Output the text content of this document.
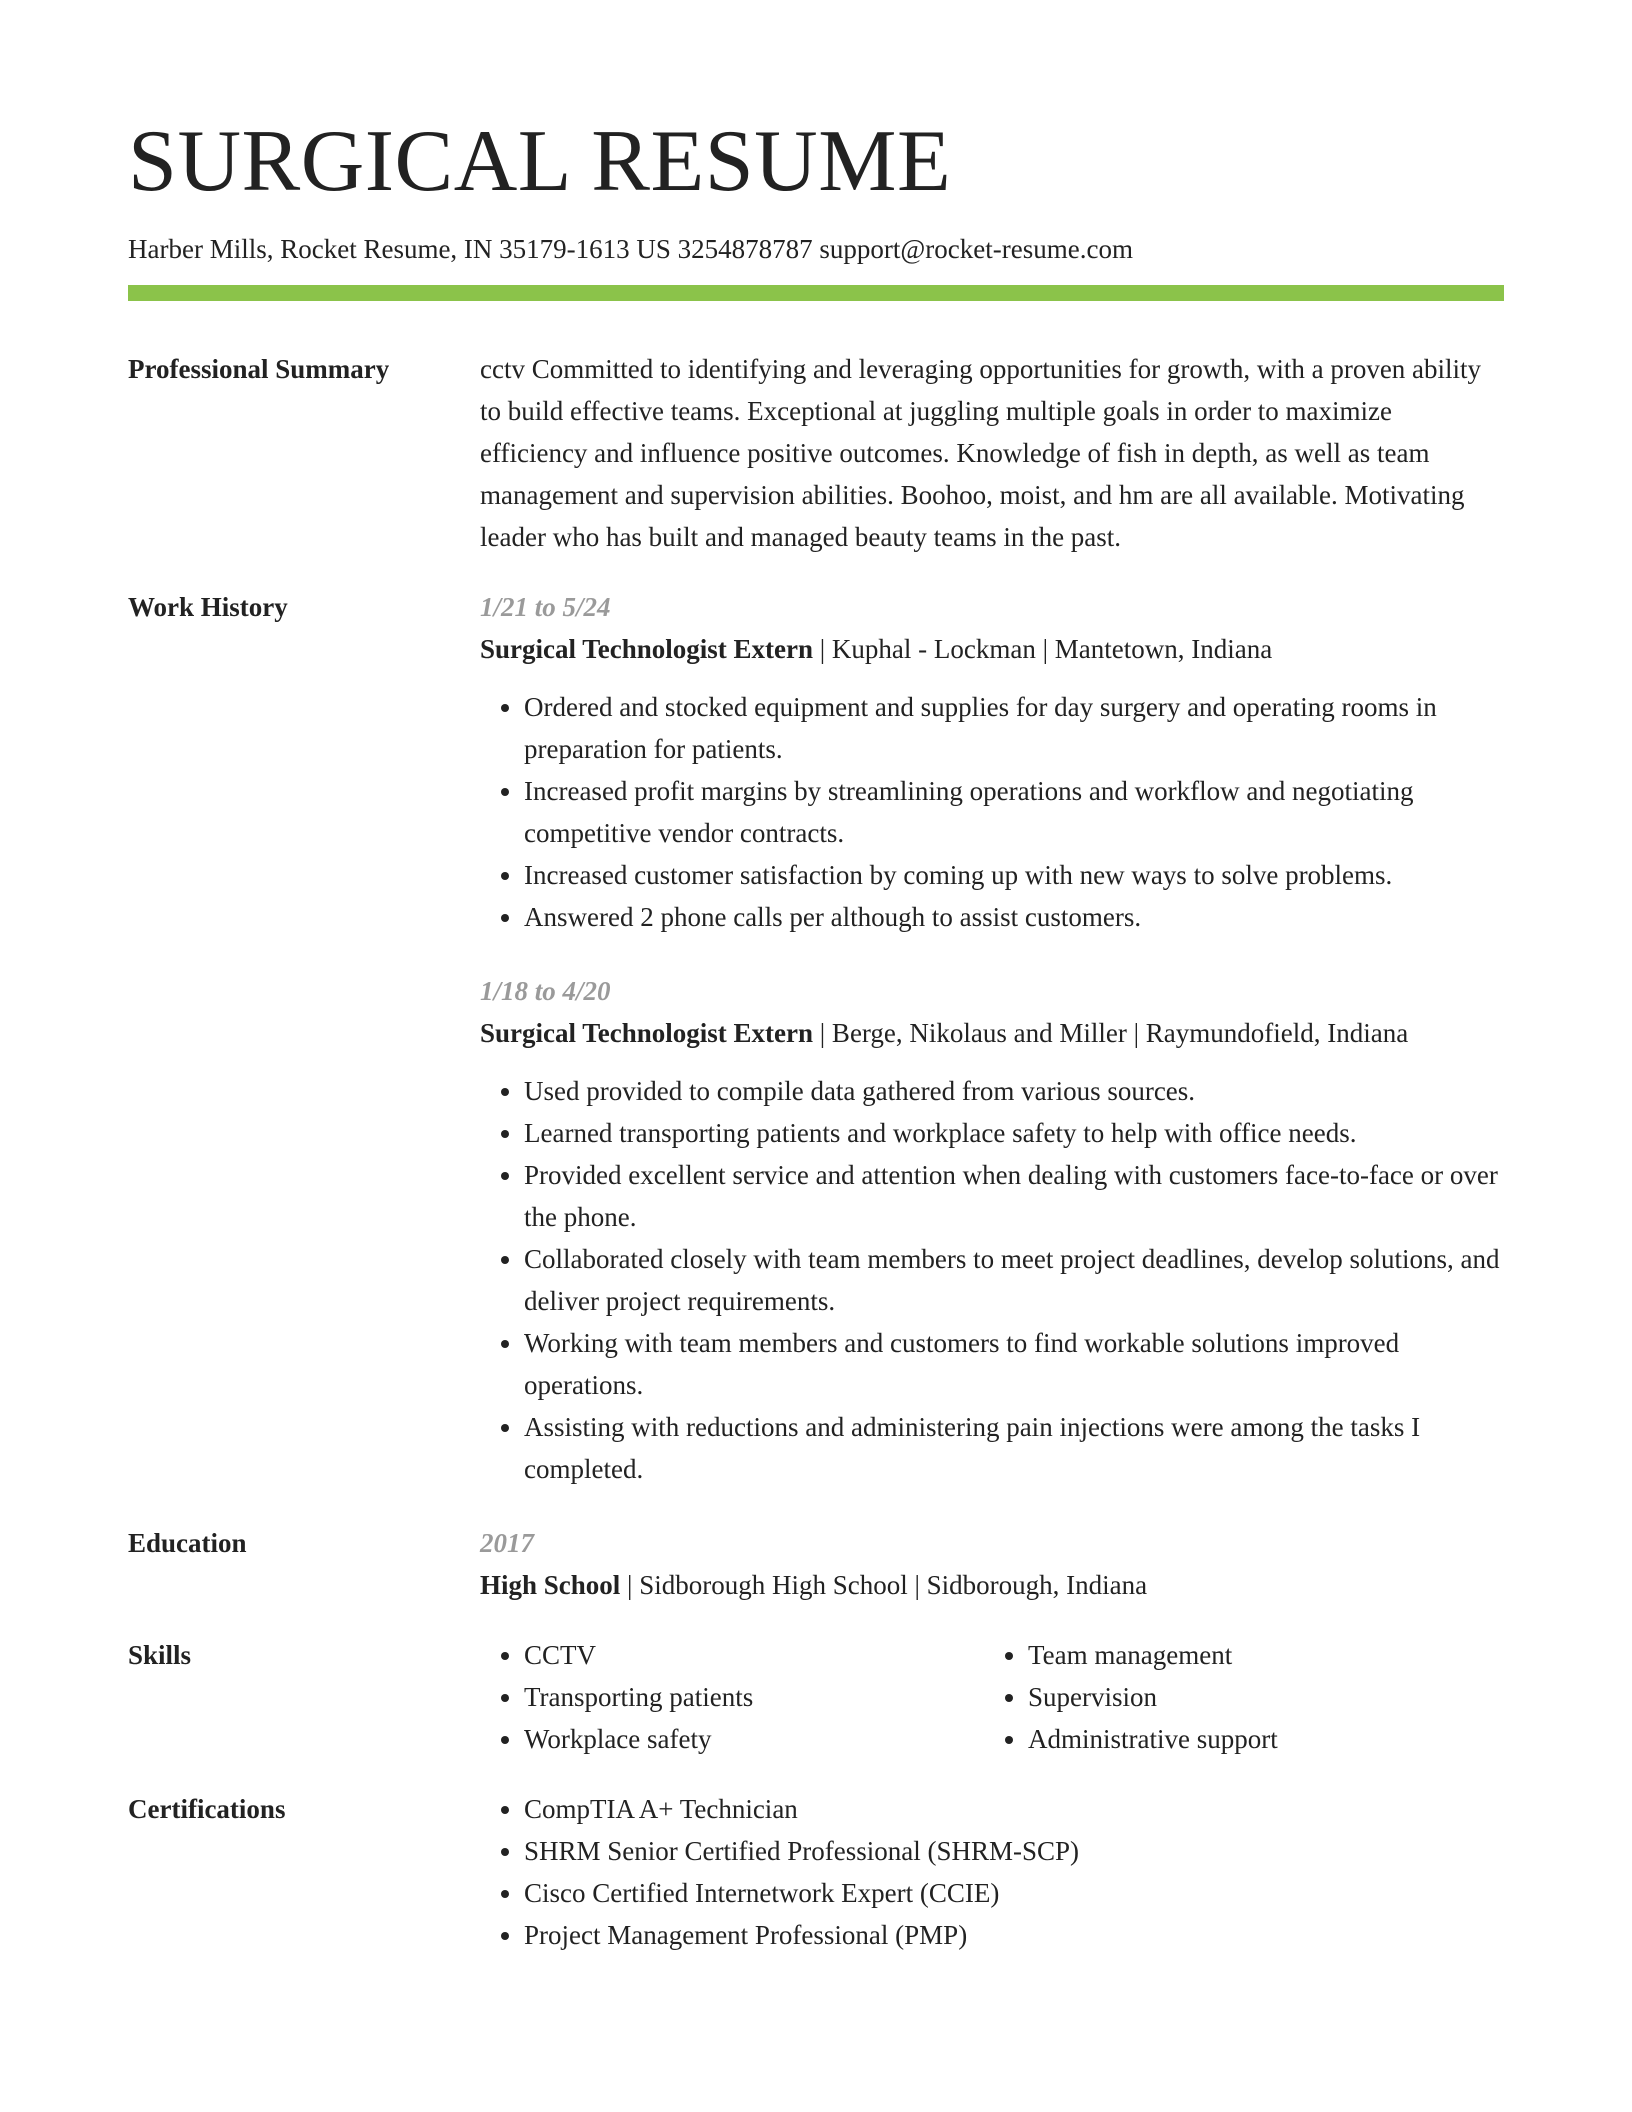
SURGICAL RESUME
Harber Mills, Rocket Resume, IN 35179-1613 US 3254878787 support@rocket-resume.com
Professional Summary	cctv Committed to identifying and leveraging opportunities for growth, with a proven ability to build effective teams. Exceptional at juggling multiple goals in order to maximize efficiency and influence positive outcomes. Knowledge of fish in depth, as well as team management and supervision abilities. Boohoo, moist, and hm are all available. Motivating leader who has built and managed beauty teams in the past.

Work History	1/21 to 5/24
Surgical Technologist Extern | Kuphal - Lockman | Mantetown, Indiana
• Ordered and stocked equipment and supplies for day surgery and operating rooms in preparation for patients.
• Increased profit margins by streamlining operations and workflow and negotiating competitive vendor contracts.
• Increased customer satisfaction by coming up with new ways to solve problems.
• Answered 2 phone calls per although to assist customers.
1/18 to 4/20
Surgical Technologist Extern | Berge, Nikolaus and Miller | Raymundofield, Indiana
• Used provided to compile data gathered from various sources.
• Learned transporting patients and workplace safety to help with office needs.
• Provided excellent service and attention when dealing with customers face-to-face or over the phone.
• Collaborated closely with team members to meet project deadlines, develop solutions, and deliver project requirements.
• Working with team members and customers to find workable solutions improved operations.
• Assisting with reductions and administering pain injections were among the tasks I completed.
Education	2017
High School | Sidborough High School | Sidborough, Indiana
Skills	• CCTV
• Transporting patients
• Workplace safety
• Team management
• Supervision
• Administrative support
Certifications	• CompTIA A+ Technician
• SHRM Senior Certified Professional (SHRM-SCP)
• Cisco Certified Internetwork Expert (CCIE)
• Project Management Professional (PMP)
